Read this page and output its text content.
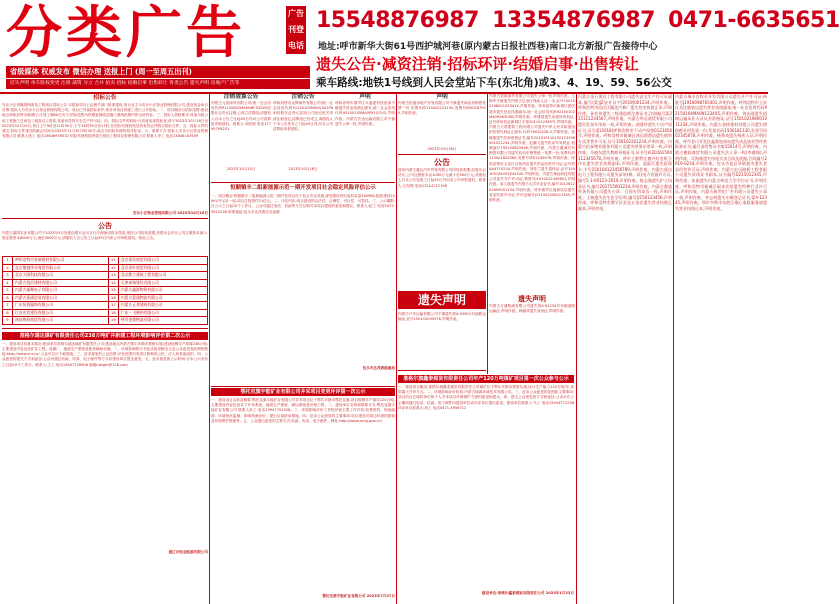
分类广告	广告
刊登
电话
省级媒体 权威发布 微信办理 送报上门 (周一至周五出刊)
挂失声明 单车股权变更 注销 减资 分立 合并 拍卖 招标 结婚启事 出售转让 各类公告 遗失声明 房地产广告等
15548876987 13354876987 0471-6635651
地址:呼市新华大街61号西护城河巷(原内蒙古日报社西巷)南口北方新报广告接待中心
遗失公告·减资注销·招标环评·结婚启事·出售转让
乘车路线:地铁1号线到人民会堂站下车(东北角)或3、4、19、59、56公交
招标公告
安乐小区供暖管网改造工程项目招标公告 本招标项目已由相关部门批准建设,项目业主为安乐小区物业管理有限公司,建设资金来自自筹,招标人为安乐小区物业管理有限公司。项目已具备招标条件,现对该项目的施工进行公开招标。二、项目概况与招标范围:建设地点呼和浩特市新城区;计划工期60日历天;招标范围为供暖管网改造施工图纸范围内的全部内容。三、投标人资格要求:具备市政公用工程施工总承包三级及以上资质,具备有效的安全生产许可证。四、招标文件的获取:凡有意参加投标者,请于2023年10月16日至2023年10月20日,每日上午9时至11时30分,下午14时30分至17时,在招标代理机构处持有效证件购买招标文件。五、投标文件的递交:投标文件递交的截止时间为2023年11月6日9时30分,地点为招标代理机构开标室。六、联系方式:招标人安乐小区物业管理有限公司 联系人张工 电话15648976532 招标代理机构内蒙古恒信工程项目管理有限公司 联系人李工 电话13848187659
安乐小区物业管理有限公司 2023年10月16日
公告
内蒙古嘉园实业有限公司于2023年5月向建设银行金川支行办理流动资金贷款,现因公司经营需要,经股东会决议公司注册资本减少,原注册资本6000万元,减至3000万元,请债权人自公告之日起45日内来公司申报债权。特此公告。
1	呼和浩特市金瑞建材有限公司	11	北京嘉信商贸有限公司
2	北京鼎盛伟业商贸有限公司	12	北京金叶商贸有限公司
3	北京天隆科技有限公司	13	北京鼎立建筑工程有限公司
4	内蒙古恒信建材有限公司	14	天津泰瑞建设有限公司
5	内蒙古福顺电子有限公司	15	内蒙古鑫源物资有限公司
6	内蒙古嘉通贸易有限公司	16	内蒙古蒙通物流有限公司
7	广东恒润服饰有限公司	17	内蒙古正邦建筑有限公司
8	江苏宏信建设有限公司	18	广东一飞制药有限公司
9	鸿昌物资商贸有限公司	19	呼市金鼎物流有限公司
准格尔通达煤矿有限责任公司238万吨矿井新建工程环境影响评价第二次公示
一、建设项目的基本情况:建设单位准格尔通达煤矿有限责任公司;建设地点内蒙古鄂尔多斯市准格尔旗;建设规模年产原煤238万吨;主要建设内容包括矿井工程、选煤厂、地面生产系统及配套辅助设施。二、环境影响报告书征求意见稿全文及公众意见表的网络链接:http://www.cnr.cn/ 公众可自行下载查阅。三、征求意见的公众范围:评价范围内受项目影响的公民、法人和其他组织。四、公众意见的提交方式和途径:公众可通过信函、传真、电子邮件等方式向建设单位提交意见。五、征求意见的公示时间:自本公示发布之日起10个工作日。联系人:王工 电话15647728906 邮箱ndzgm@126.com
通辽市恒业能源有限公司
注销清算公告
内蒙古元泰商贸有限公司(统一社会信用代码91150602MA0N6F7D2W)经股东会决议注销,已成立清算组,请债权人自本公告之日起45日内向公司清算组申报债权。联系人:刘经理 电话17790795201
2023年10月15日
注销公告
呼和浩特市金辉商贸有限公司(统一社会信用代码91150105MA0Q3A1P6X)经股东会决议,拟向公司登记机关申请注销登记,清算组已经成立,请债权人于本公告发布之日起45日内,向本公司清算组申报债权。
2023年10月16日
声明
呼和浩特市赛罕区永盛建材经营部不慎遗失营业执照正副本,统一社会信用代码92150105MA0PX1Q7U3,声明作废。内蒙古宏达运输有限公司不慎遗失公章一枚,声明作废。
恒顺镇丰二组新能源示范一期开发项目社会稳定风险评估公示
一、项目概况:恒顺镇丰二组新能源示范一期开发项目位于包头市达茂旗,规划建设风电装机容量300MW,配套建设220kV升压站一座,项目总投资约21亿元。二、评估内容:项目建设的合法性、合理性、可行性、可控性。三、公示期限:自公示之日起10个工作日。公众可通过电话、信函等方式反映对本项目建设的意见和建议。联系人:赵工 电话0472-5612238 联系地址:包头市达茂旗百灵庙镇
包头市达茂旗能源局
鄂托克旗宇能矿业有限公司井采项目变更环评第一次公示
一、建设项目名称及概要:鄂托克旗宇能矿业有限公司井采项目位于鄂尔多斯市鄂托克旗,项目规模年产煤炭120万吨,主要建设内容包括井下开采系统、地面生产系统、储运系统及环保工程。二、建设单位名称和联系方式:鄂托克旗宇能矿业有限公司 联系人孙工 电话13947751028。三、环境影响评价工作程序和主要工作内容:收集资料、现场踏勘、环境现状监测、影响预测评价、提出污染防治措施。四、征求公众意见的主要事项:项目建设对周边环境的影响及环境保护措施等。五、公众提出意见的主要方式:信函、电话、电子邮件。网址:http://www.nmg.gov.cn/
鄂托克旗宇能矿业有限公司 2023年7月27日
声明
内蒙古恒通房地产开发有限公司不慎遗失商品房销售发票一份,发票代码115002122150,发票号码00287915,声明作废。
2023年10月16日
公告
兹有内蒙古鑫达汽车贸易有限公司因经营需要,经股东会决议,公司注册资本由1000万元减少至500万元,请债权人自本公告见报之日起45日内向本公司申报债权。联系人:王经理 电话13214722356
遗失声明
内蒙古兴安运输有限公司不慎遗失蒙A·G8912号道路运输证,证号150102030576,声明作废。
准格尔旗鑫泰煤炭有限责任公司年产120万吨煤矿项目第一次公众参与公示
一、建设项目概况:准格尔旗鑫泰煤炭有限责任公司煤矿位于鄂尔多斯市准格尔旗,设计生产能力120万吨/年,采用露天开采方式。二、环境影响评价机构:内蒙古绿源环境技术有限公司。三、征求公众意见的范围和主要事项:项目所在区域的单位和个人对本项目环境保护方面的意见和建议。四、提交公众意见的方式和途径:公众可在公示期间通过电话、信函、电子邮件向建设单位或环评单位提出意见。建设单位联系人:马工 电话15904771236 环评单位联系人:高工 电话0471-4956712
建设单位:准格尔鑫泰煤炭有限责任公司 2023年1月23日
内蒙古蒙源商贸有限公司遗失公章一枚声明作废。王海军不慎遗失内蒙古自治区残疾人证一本,证号15010219800125341X,声明作废。呼和浩特市新城区惠民超市遗失营业执照副本,统一社会信用代码92150102MA0R4K3U9B,声明作废。李建国遗失房屋所有权证,证号呼房权证新城区字第2011012345号,声明作废。内蒙古天骄建筑工程有限公司遗失中华人民共和国组织机构代码证正副本,代码76010238-5,声明作废。张晓燕遗失医师资格证书,编号201015110150123198501021234,声明作废。赵鹏飞遗失机动车驾驶证,档案编号150100823456,声明作废。内蒙古鑫诚汽车销售有限公司遗失机动车销售统一发票一份,发票代码115001820560,发票号码01245678,声明作废。呼和浩特市玉泉区百姓药店遗失药品经营许可证,证号蒙AA4710234,声明作废。刘桂兰遗失退休证,证号150105196203042345,声明作废。内蒙古博远科技有限公司遗失开户许可证,核准号J1910012345601,声明作废。周文斌遗失内蒙古大学毕业证书,编号101261201605001234,声明作废。呼市赛罕区福源饭店遗失食品经营许可证,许可证编号JY21501050012345,声明作废。
遗失声明
内蒙古万通物流有限公司遗失蒙A·K1234号车辆道路运输证,声明作废。韩丽萍遗失身份证,声明作废。
内蒙古金石建设工程有限公司遗失安全生产许可证副本,编号(蒙)JZ安许证字[2019]001234,声明作废。呼和浩特市回民区顺达汽修厂遗失营业执照正本,声明作废。孙宏伟遗失二级建造师注册证书,注册编号蒙215111234567,声明作废。内蒙古华远商贸有限公司遗失发票专用章一枚,声明作废。郭建华遗失不动产权证书,证号蒙(2018)呼和浩特市不动产权第0123456号,声明作废。呼和浩特市新城区鸿运烟酒店遗失烟草专卖零售许可证,证号150102201234,声明作废。内蒙古恒泰物业服务有限公司遗失财务专用章一枚,声明作废。马晓东遗失教师资格证书,证书号码20161500112345678,声明作废。呼市土默特左旗兴旺农机合作社遗失营业执照副本,声明作废。高淑芬遗失医保卡,卡号150104123456789,声明作废。内蒙古晟达电力工程有限公司遗失承装(修、试)电力设施许可证,编号5-1-00123-2019,声明作废。陈志强遗失护士执业证书,编号201715001234,声明作废。内蒙古鼎盛劳务有限公司遗失公章、合同专用章各一枚,声明作废。王瑞遗失出生医学证明,编号Q150123456,声明作废。呼和浩特市赛罕区宏达五金店遗失营业执照正副本,声明作废。
内蒙古瑞丰农牧业开发有限公司遗失开户许可证,核准号J1910098765401,声明作废。呼和浩特市玉泉区美佳服装店遗失营业执照副本,统一社会信用代码92150104MA0N1234X5,声明作废。刘永刚遗失道路运输从业人员从业资格证,证号150102198001011234,声明作废。内蒙古金桥建材有限公司遗失增值税专用发票一份,发票代码1500181130,发票号码02345678,声明作废。杨秀英遗失残疾人证,声明作废。呼市金川开发区鑫源加油站遗失成品油零售经营批准证书,编号油零售证书第15014号,声明作废。内蒙古德润商贸有限公司遗失法人章一枚(李德润),声明作废。吴海燕遗失房屋买卖合同及收据,合同编号2019-0234,声明作废。包头市昆区华联超市遗失食品经营许可证,声明作废。内蒙古宏远路桥工程有限公司遗失资质证书副本,证书编号D215012345,声明作废。张丽遗失内蒙古师范大学学位证书,声明作废。呼和浩特市新城区福来宾馆遗失特种行业许可证,声明作废。内蒙古新世纪广告有限公司遗失公章一枚,声明作废。李志明遗失车辆登记证书,蒙A·12345,声明作废。鄂尔多斯市东胜区顺心家政服务部遗失营业执照正本,声明作废。
